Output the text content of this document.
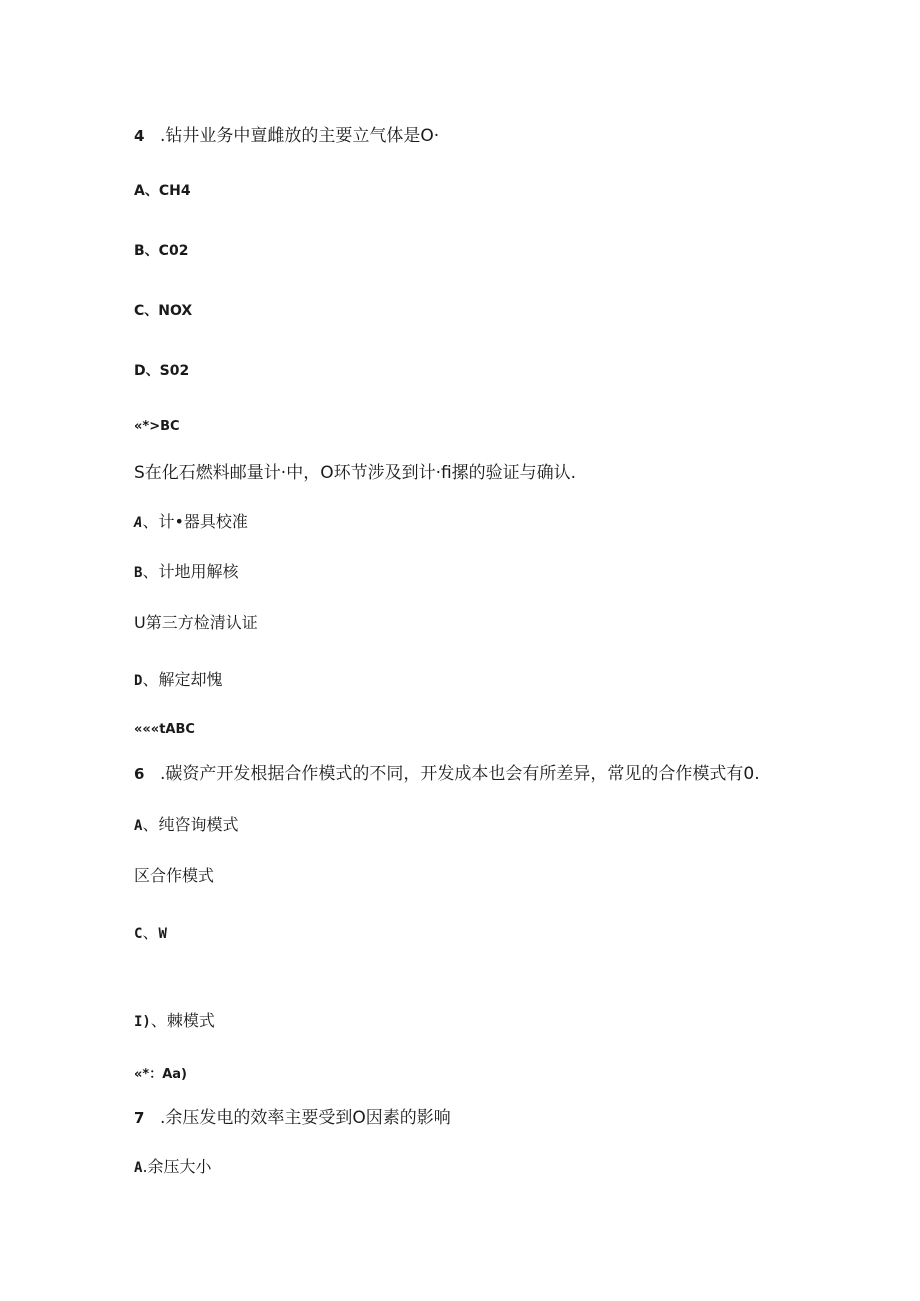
4 .钻井业务中亶雌放的主要立气体是O·
A、CH4
B、C02
C、NOX
D、S02
«*>BC
S在化石燃料邮量计·中，O环节涉及到计·fi摞的验证与确认.
A、计•器具校准
B、计地用解核
U第三方检清认证
D、解定却愧
«««tABC
6 .碳资产开发根据合作模式的不同，开发成本也会有所差异，常见的合作模式有0.
A、纯咨询模式
区合作模式
C、W
I)、棘模式
«*：Aa)
7 .余压发电的效率主要受到O因素的影响
A.余压大小
